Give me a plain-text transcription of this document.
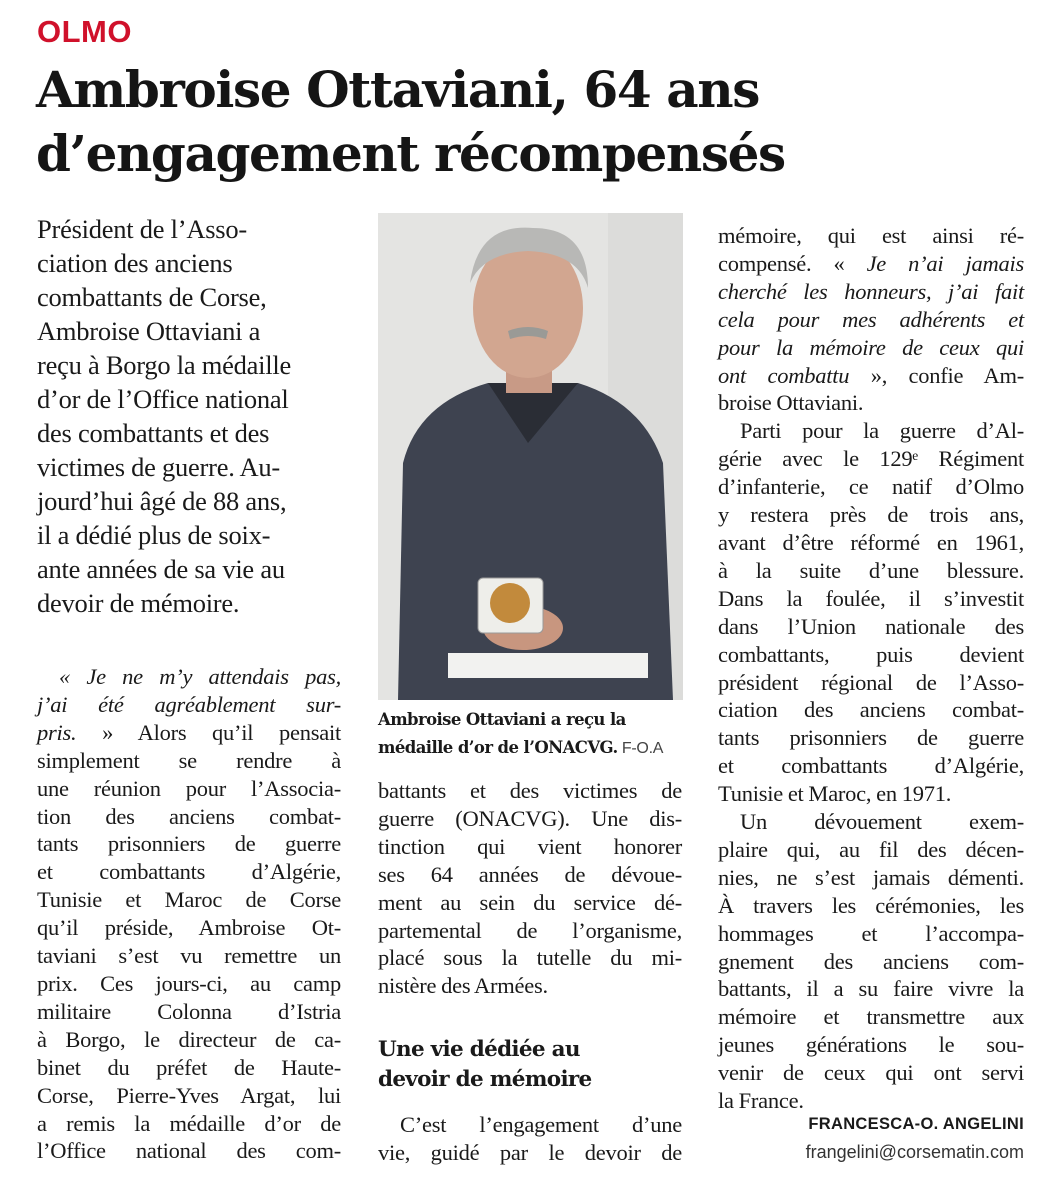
OLMO
Ambroise Ottaviani, 64 ans
d’engagement récompensés
Président de l’Asso-
ciation des anciens
combattants de Corse,
Ambroise Ottaviani a
reçu à Borgo la médaille
d’or de l’Office national
des combattants et des
victimes de guerre. Au-
jourd’hui âgé de 88 ans,
il a dédié plus de soix-
ante années de sa vie au
devoir de mémoire.
« Je ne m’y attendais pas,
j’ai été agréablement sur-
pris. » Alors qu’il pensait
simplement se rendre à
une réunion pour l’Associa-
tion des anciens combat-
tants prisonniers de guerre
et combattants d’Algérie,
Tunisie et Maroc de Corse
qu’il préside, Ambroise Ot-
taviani s’est vu remettre un
prix. Ces jours-ci, au camp
militaire Colonna d’Istria
à Borgo, le directeur de ca-
binet du préfet de Haute-
Corse, Pierre-Yves Argat, lui
a remis la médaille d’or de
l’Office national des com-
Ambroise Ottaviani a reçu la médaille d’or de l’ONACVG. F-O.A
battants et des victimes de
guerre (ONACVG). Une dis-
tinction qui vient honorer
ses 64 années de dévoue-
ment au sein du service dé-
partemental de l’organisme,
placé sous la tutelle du mi-
nistère des Armées.
Une vie dédiée au
devoir de mémoire
C’est l’engagement d’une
vie, guidé par le devoir de
mémoire, qui est ainsi ré-
compensé. « Je n’ai jamais
cherché les honneurs, j’ai fait
cela pour mes adhérents et
pour la mémoire de ceux qui
ont combattu », confie Am-
broise Ottaviani.
Parti pour la guerre d’Al-
gérie avec le 129ᵉ Régiment
d’infanterie, ce natif d’Olmo
y restera près de trois ans,
avant d’être réformé en 1961,
à la suite d’une blessure.
Dans la foulée, il s’investit
dans l’Union nationale des
combattants, puis devient
président régional de l’Asso-
ciation des anciens combat-
tants prisonniers de guerre
et combattants d’Algérie,
Tunisie et Maroc, en 1971.
Un dévouement exem-
plaire qui, au fil des décen-
nies, ne s’est jamais démenti.
À travers les cérémonies, les
hommages et l’accompa-
gnement des anciens com-
battants, il a su faire vivre la
mémoire et transmettre aux
jeunes générations le sou-
venir de ceux qui ont servi
la France.
FRANCESCA-O. ANGELINI
frangelini@corsematin.com
